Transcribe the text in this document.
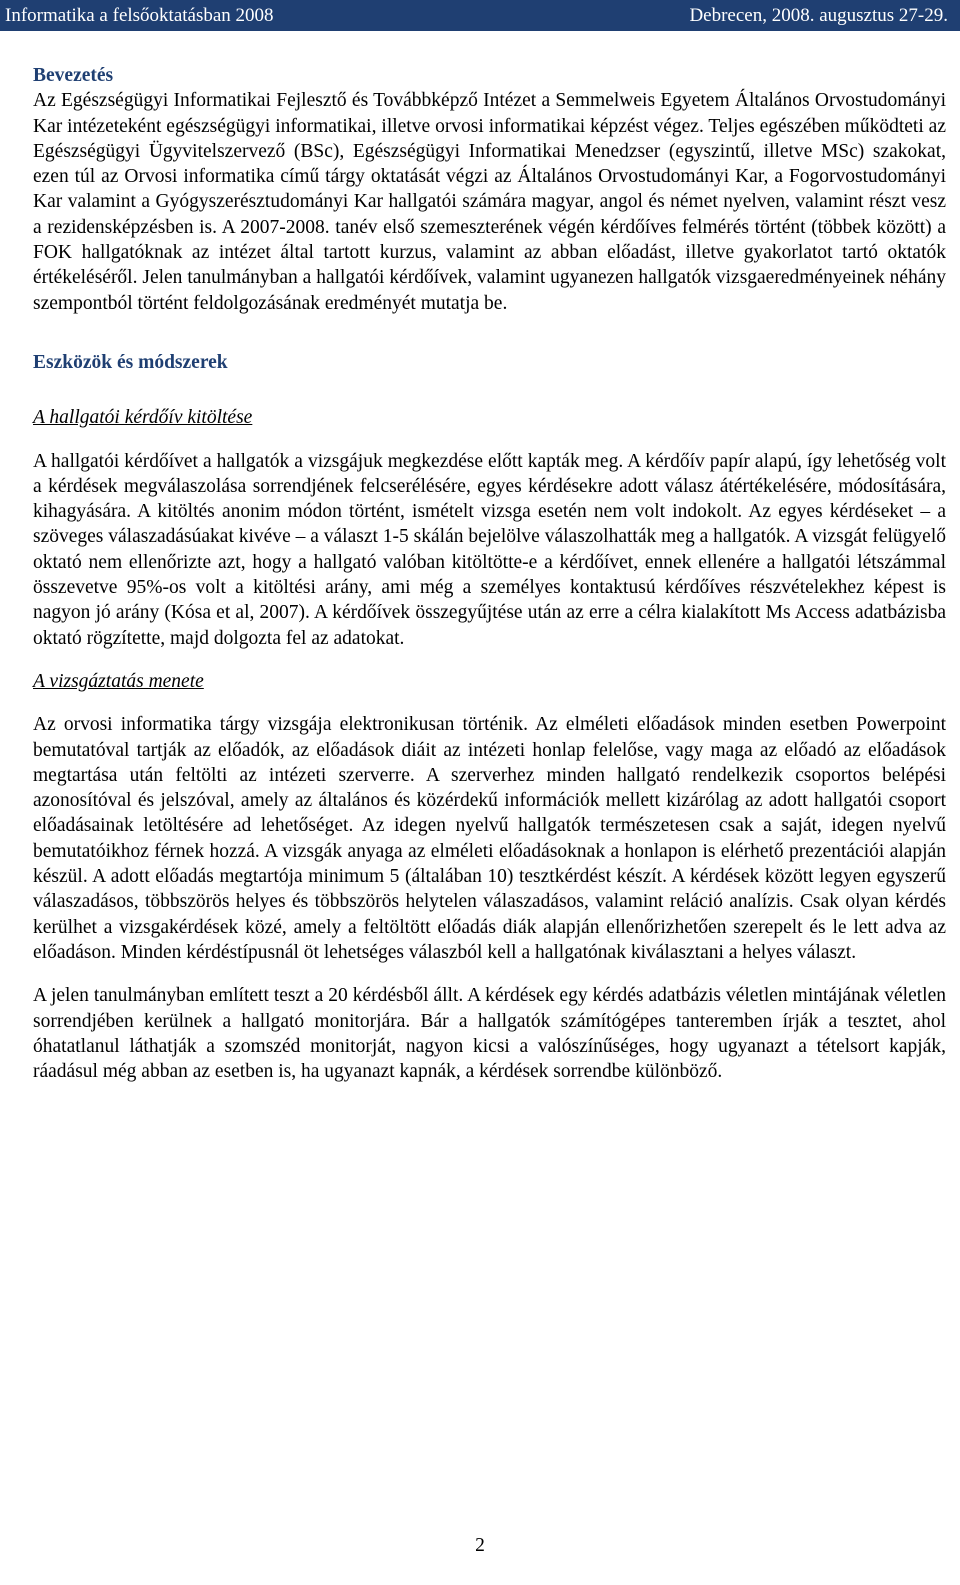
Informatika a felsőoktatásban 2008	Debrecen, 2008. augusztus 27-29.

Bevezetés

Az Egészségügyi Informatikai Fejlesztő és Továbbképző Intézet a Semmelweis Egyetem Általános Orvostudományi Kar intézeteként egészségügyi informatikai, illetve orvosi informatikai képzést végez. Teljes egészében működteti az Egészségügyi Ügyvitelszervező (BSc), Egészségügyi Informatikai Menedzser (egyszintű, illetve MSc) szakokat, ezen túl az Orvosi informatika című tárgy oktatását végzi az Általános Orvostudományi Kar, a Fogorvostudományi Kar valamint a Gyógyszerésztudományi Kar hallgatói számára magyar, angol és német nyelven, valamint részt vesz a rezidensképzésben is. A 2007-2008. tanév első szemeszterének végén kérdőíves felmérés történt (többek között) a FOK hallgatóknak az intézet által tartott kurzus, valamint az abban előadást, illetve gyakorlatot tartó oktatók értékeléséről. Jelen tanulmányban a hallgatói kérdőívek, valamint ugyanezen hallgatók vizsgaeredményeinek néhány szempontból történt feldolgozásának eredményét mutatja be.

Eszközök és módszerek

A hallgatói kérdőív kitöltése

A hallgatói kérdőívet a hallgatók a vizsgájuk megkezdése előtt kapták meg. A kérdőív papír alapú, így lehetőség volt a kérdések megválaszolása sorrendjének felcserélésére, egyes kérdésekre adott válasz átértékelésére, módosítására, kihagyására. A kitöltés anonim módon történt, ismételt vizsga esetén nem volt indokolt. Az egyes kérdéseket – a szöveges válaszadásúakat kivéve – a választ 1-5 skálán bejelölve válaszolhatták meg a hallgatók. A vizsgát felügyelő oktató nem ellenőrizte azt, hogy a hallgató valóban kitöltötte-e a kérdőívet, ennek ellenére a hallgatói létszámmal összevetve 95%-os volt a kitöltési arány, ami még a személyes kontaktusú kérdőíves részvételekhez képest is nagyon jó arány (Kósa et al, 2007). A kérdőívek összegyűjtése után az erre a célra kialakított Ms Access adatbázisba oktató rögzítette, majd dolgozta fel az adatokat.

A vizsgáztatás menete

Az orvosi informatika tárgy vizsgája elektronikusan történik. Az elméleti előadások minden esetben Powerpoint bemutatóval tartják az előadók, az előadások diáit az intézeti honlap felelőse, vagy maga az előadó az előadások megtartása után feltölti az intézeti szerverre. A szerverhez minden hallgató rendelkezik csoportos belépési azonosítóval és jelszóval, amely az általános és közérdekű információk mellett kizárólag az adott hallgatói csoport előadásainak letöltésére ad lehetőséget. Az idegen nyelvű hallgatók természetesen csak a saját, idegen nyelvű bemutatóikhoz férnek hozzá. A vizsgák anyaga az elméleti előadásoknak a honlapon is elérhető prezentációi alapján készül. A adott előadás megtartója minimum 5 (általában 10) tesztkérdést készít. A kérdések között legyen egyszerű válaszadásos, többszörös helyes és többszörös helytelen válaszadásos, valamint reláció analízis. Csak olyan kérdés kerülhet a vizsgakérdések közé, amely a feltöltött előadás diák alapján ellenőrizhetően szerepelt és le lett adva az előadáson. Minden kérdéstípusnál öt lehetséges válaszból kell a hallgatónak kiválasztani a helyes választ.

A jelen tanulmányban említett teszt a 20 kérdésből állt. A kérdések egy kérdés adatbázis véletlen mintájának véletlen sorrendjében kerülnek a hallgató monitorjára. Bár a hallgatók számítógépes tanteremben írják a tesztet, ahol óhatatlanul láthatják a szomszéd monitorját, nagyon kicsi a valószínűséges, hogy ugyanazt a tételsort kapják, ráadásul még abban az esetben is, ha ugyanazt kapnák, a kérdések sorrendbe különböző.

2
